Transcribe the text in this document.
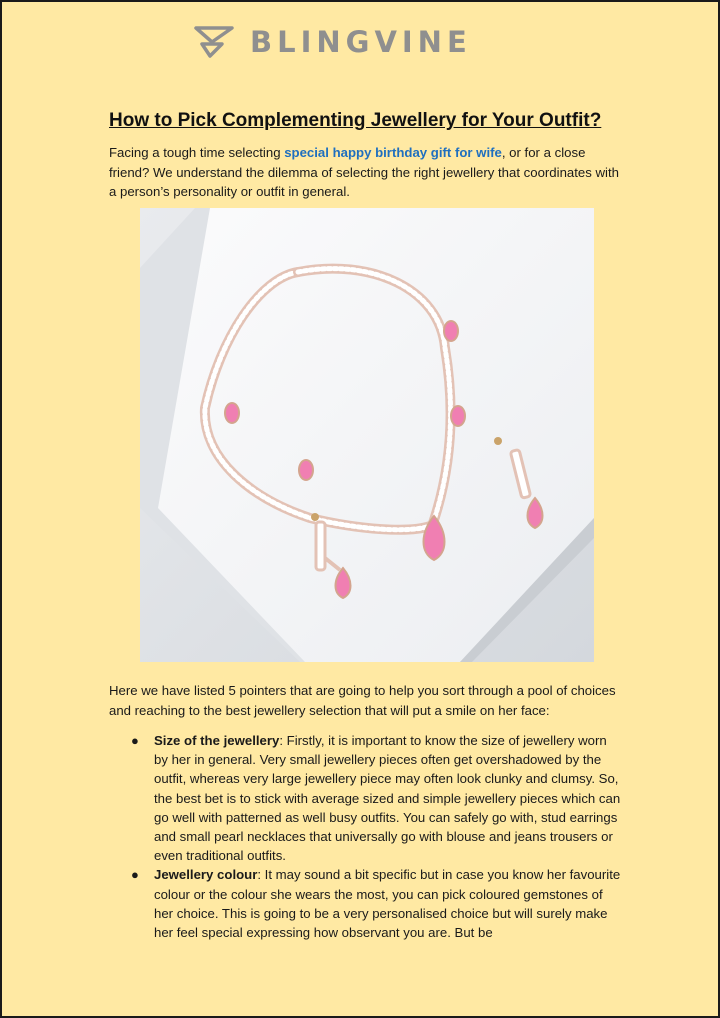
BLINGVINE
How to Pick Complementing Jewellery for Your Outfit?

Facing a tough time selecting special happy birthday gift for wife, or for a close friend? We understand the dilemma of selecting the right jewellery that coordinates with a person’s personality or outfit in general.

Here we have listed 5 pointers that are going to help you sort through a pool of choices and reaching to the best jewellery selection that will put a smile on her face:

● Size of the jewellery: Firstly, it is important to know the size of jewellery worn by her in general. Very small jewellery pieces often get overshadowed by the outfit, whereas very large jewellery piece may often look clunky and clumsy. So, the best bet is to stick with average sized and simple jewellery pieces which can go well with patterned as well busy outfits. You can safely go with, stud earrings and small pearl necklaces that universally go with blouse and jeans trousers or even traditional outfits.
● Jewellery colour: It may sound a bit specific but in case you know her favourite colour or the colour she wears the most, you can pick coloured gemstones of her choice. This is going to be a very personalised choice but will surely make her feel special expressing how observant you are. But be
